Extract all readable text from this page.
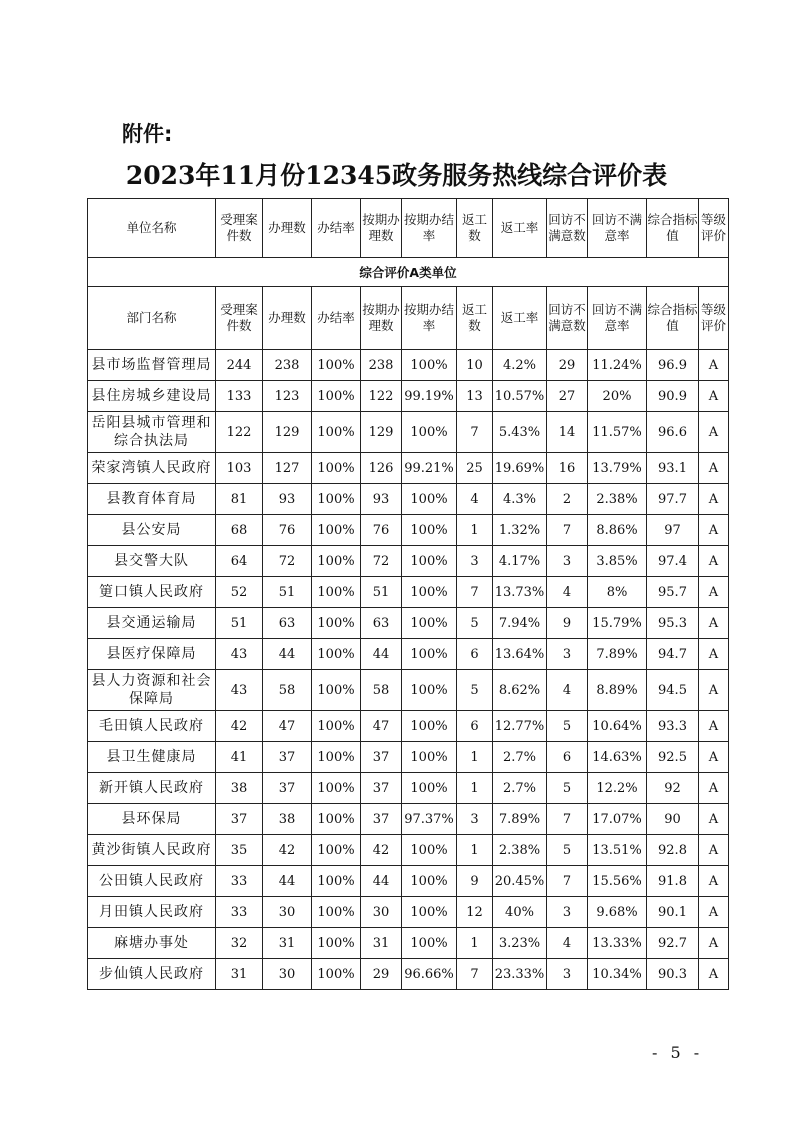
附件:
2023年11月份12345政务服务热线综合评价表
单位名称	受理案件数	办理数	办结率	按期办理数	按期办结率	返工数	返工率	回访不满意数	回访不满意率	综合指标值	等级评价
综合评价A类单位											
部门名称	受理案件数	办理数	办结率	按期办理数	按期办结率	返工数	返工率	回访不满意数	回访不满意率	综合指标值	等级评价
县市场监督管理局	244	238	100%	238	100%	10	4.2%	29	11.24%	96.9	A
县住房城乡建设局	133	123	100%	122	99.19%	13	10.57%	27	20%	90.9	A
岳阳县城市管理和综合执法局	122	129	100%	129	100%	7	5.43%	14	11.57%	96.6	A
荣家湾镇人民政府	103	127	100%	126	99.21%	25	19.69%	16	13.79%	93.1	A
县教育体育局	81	93	100%	93	100%	4	4.3%	2	2.38%	97.7	A
县公安局	68	76	100%	76	100%	1	1.32%	7	8.86%	97	A
县交警大队	64	72	100%	72	100%	3	4.17%	3	3.85%	97.4	A
筻口镇人民政府	52	51	100%	51	100%	7	13.73%	4	8%	95.7	A
县交通运输局	51	63	100%	63	100%	5	7.94%	9	15.79%	95.3	A
县医疗保障局	43	44	100%	44	100%	6	13.64%	3	7.89%	94.7	A
县人力资源和社会保障局	43	58	100%	58	100%	5	8.62%	4	8.89%	94.5	A
毛田镇人民政府	42	47	100%	47	100%	6	12.77%	5	10.64%	93.3	A
县卫生健康局	41	37	100%	37	100%	1	2.7%	6	14.63%	92.5	A
新开镇人民政府	38	37	100%	37	100%	1	2.7%	5	12.2%	92	A
县环保局	37	38	100%	37	97.37%	3	7.89%	7	17.07%	90	A
黄沙街镇人民政府	35	42	100%	42	100%	1	2.38%	5	13.51%	92.8	A
公田镇人民政府	33	44	100%	44	100%	9	20.45%	7	15.56%	91.8	A
月田镇人民政府	33	30	100%	30	100%	12	40%	3	9.68%	90.1	A
麻塘办事处	32	31	100%	31	100%	1	3.23%	4	13.33%	92.7	A
步仙镇人民政府	31	30	100%	29	96.66%	7	23.33%	3	10.34%	90.3	A
- 5 -
